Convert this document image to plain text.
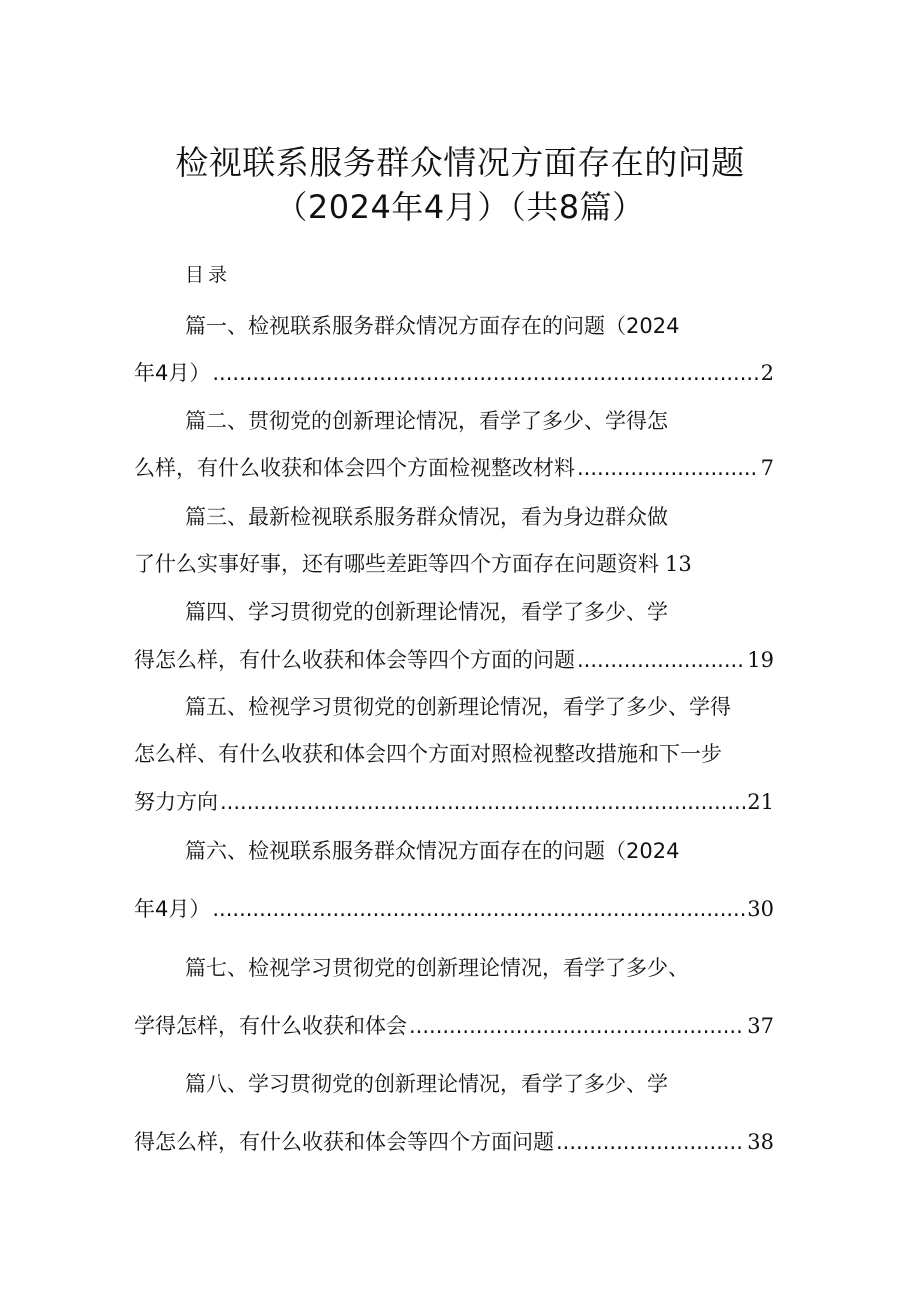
检视联系服务群众情况方面存在的问题
（2024年4月）（共8篇）
目录
篇一、检视联系服务群众情况方面存在的问题（2024
年4月） .....	2
篇二、贯彻党的创新理论情况，看学了多少、学得怎
么样，有什么收获和体会四个方面检视整改材料 .....	7
篇三、最新检视联系服务群众情况，看为身边群众做
了什么实事好事，还有哪些差距等四个方面存在问题资料 13
篇四、学习贯彻党的创新理论情况，看学了多少、学
得怎么样，有什么收获和体会等四个方面的问题 .....	19
篇五、检视学习贯彻党的创新理论情况，看学了多少、学得
怎么样、有什么收获和体会四个方面对照检视整改措施和下一步
努力方向 .....	21
篇六、检视联系服务群众情况方面存在的问题（2024
年4月） .....	30
篇七、检视学习贯彻党的创新理论情况，看学了多少、
学得怎样，有什么收获和体会 .....	37
篇八、学习贯彻党的创新理论情况，看学了多少、学
得怎么样，有什么收获和体会等四个方面问题 .....	38
